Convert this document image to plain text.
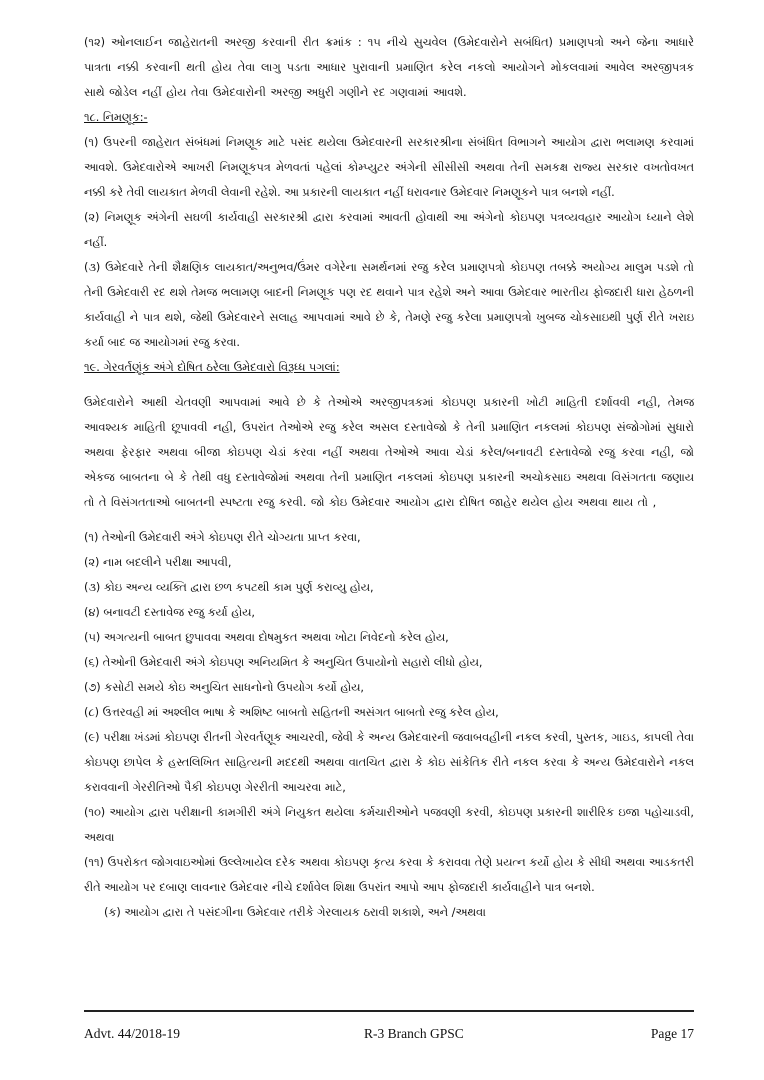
(૧૨) ઓનલાઈન જાહેરાતની અરજી કરવાની રીત ક્રમાંક : ૧૫ નીચે સુચવેલ (ઉમેદવારોને સબંધિત) પ્રમાણપત્રો અને જેના આધારે પાત્રતા નક્કી કરવાની થતી હોય તેવા લાગુ પડતા આધાર પુરાવાની પ્રમાણિત કરેલ નકલો આયોગને મોકલવામાં આવેલ અરજીપત્રક સાથે જોડેલ નહીં હોય તેવા ઉમેદવારોની અરજી અધુરી ગણીને રદ ગણવામાં આવશે.

૧૮. નિમણૂક:-

(૧) ઉપરની જાહેરાત સંબંધમાં નિમણૂક માટે પસંદ થયેલા ઉમેદવારની સરકારશ્રીના સંબંધિત વિભાગને આયોગ દ્વારા ભલામણ કરવામાં આવશે. ઉમેદવારોએ આખરી નિમણૂકપત્ર મેળવતાં પહેલાં કોમ્પ્યુટર અંગેની સીસીસી અથવા તેની સમકક્ષ રાજ્ય સરકાર વખતોવખત નક્કી કરે તેવી લાયકાત મેળવી લેવાની રહેશે. આ પ્રકારની લાયકાત નહીં ધરાવનાર ઉમેદવાર નિમણૂકને પાત્ર બનશે નહીં.

(૨) નિમણૂક અંગેની સઘળી કાર્યવાહી સરકારશ્રી દ્વારા કરવામાં આવતી હોવાથી આ અંગેનો કોઇપણ પત્રવ્યવહાર આયોગ ધ્યાને લેશે નહીં.

(૩) ઉમેદવારે તેની શૈક્ષણિક લાયકાત/અનુભવ/ઉંમર વગેરેના સમર્થનમાં રજુ કરેલ પ્રમાણપત્રો કોઇપણ તબક્કે અયોગ્ય માલુમ પડશે તો તેની ઉમેદવારી રદ થશે તેમજ ભલામણ બાદની નિમણૂક પણ રદ થવાને પાત્ર રહેશે અને આવા ઉમેદવાર ભારતીય ફોજદારી ધારા હેઠળની કાર્યવાહી ને પાત્ર થશે, જેથી ઉમેદવારને સલાહ આપવામાં આવે છે કે, તેમણે રજુ કરેલા પ્રમાણપત્રો ખુબજ ચોકસાઇથી પુર્ણ રીતે ખરાઇ કર્યા બાદ જ આયોગમાં રજુ કરવા.

૧૯. ગેરવર્તણૂંક અંગે દોષિત ઠરેલા ઉમેદવારો વિરૂધ્ધ પગલાં:

ઉમેદવારોને આથી ચેતવણી આપવામાં આવે છે કે તેઓએ અરજીપત્રકમાં કોઇપણ પ્રકારની ખોટી માહિતી દર્શાવવી નહી, તેમજ આવશ્યક માહિતી છૂપાવવી નહી, ઉપરાંત તેઓએ રજુ કરેલ અસલ દસ્તાવેજો કે તેની પ્રમાણિત નકલમાં કોઇપણ સંજોગોમાં સુધારો અથવા ફેરફાર અથવા બીજા કોઇપણ ચેડાં કરવા નહીં અથવા તેઓએ આવા ચેડાં કરેલ/બનાવટી દસ્તાવેજો રજુ કરવા નહી, જો એકજ બાબતના બે કે તેથી વધુ દસ્તાવેજોમાં અથવા તેની પ્રમાણિત નકલમાં કોઇપણ પ્રકારની અચોકસાઇ અથવા વિસંગતતા જણાય તો તે વિસંગતતાઓ બાબતની સ્પષ્ટતા રજુ કરવી. જો કોઇ ઉમેદવાર આયોગ દ્વારા દોષિત જાહેર થયેલ હોય અથવા થાય તો ,

(૧) તેઓની ઉમેદવારી અંગે કોઇપણ રીતે ચોગ્યતા પ્રાપ્ત કરવા,

(૨) નામ બદલીને પરીક્ષા આપવી,

(૩) કોઇ અન્ય વ્યક્તિ દ્વારા છળ કપટથી કામ પુર્ણ કરાવ્યુ હોય,

(૪) બનાવટી દસ્તાવેજ રજુ કર્યા હોય,

(૫) અગત્યની બાબત છુપાવવા અથવા દોષમુકત અથવા ખોટા નિવેદનો કરેલ હોય,

(૬) તેઓની ઉમેદવારી અંગે કોઇપણ અનિયમિત કે અનુચિત ઉપાયોનો સહારો લીધો હોય,

(૭) કસોટી સમયે કોઇ અનુચિત સાધનોનો ઉપયોગ કર્યો હોય,

(૮) ઉત્તરવહી માં અશ્લીલ ભાષા કે અશિષ્ટ બાબતો સહિતની અસંગત બાબતો રજુ કરેલ હોય,

(૯) પરીક્ષા ખંડમાં કોઇપણ રીતની ગેરવર્તણૂક આચરવી, જેવી કે અન્ય ઉમેદવારની જવાબવહીની નકલ કરવી, પુસ્તક, ગાઇડ, કાપલી તેવા કોઇપણ છાપેલ કે હસ્તલિખિત સાહિત્યની મદદથી અથવા વાતચિત દ્વારા કે કોઇ સાંકેતિક રીતે નકલ કરવા કે અન્ય ઉમેદવારોને નકલ કરાવવાની ગેરરીતિઓ પૈકી કોઇપણ ગેરરીતી આચરવા માટે,

(૧૦) આયોગ દ્વારા પરીક્ષાની કામગીરી અંગે નિયુકત થયેલા કર્મચારીઓને પજવણી કરવી, કોઇપણ પ્રકારની શારીરિક ઇજા પહોચાડવી, અથવા

(૧૧) ઉપરોકત જોગવાઇઓમાં ઉલ્લેખાયેલ દરેક અથવા કોઇપણ કૃત્ય કરવા કે કરાવવા તેણે પ્રયત્ન કર્યો હોય કે સીધી અથવા આડકતરી રીતે આયોગ પર દબાણ લાવનાર ઉમેદવાર નીચે દર્શાવેલ શિક્ષા ઉપરાંત આપો આપ ફોજદારી કાર્યવાહીને પાત્ર બનશે.

(ક) આયોગ દ્વારા તે પસંદગીના ઉમેદવાર તરીકે ગેરલાયક ઠરાવી શકાશે, અને /અથવા

Advt. 44/2018-19	R-3 Branch GPSC	Page 17
